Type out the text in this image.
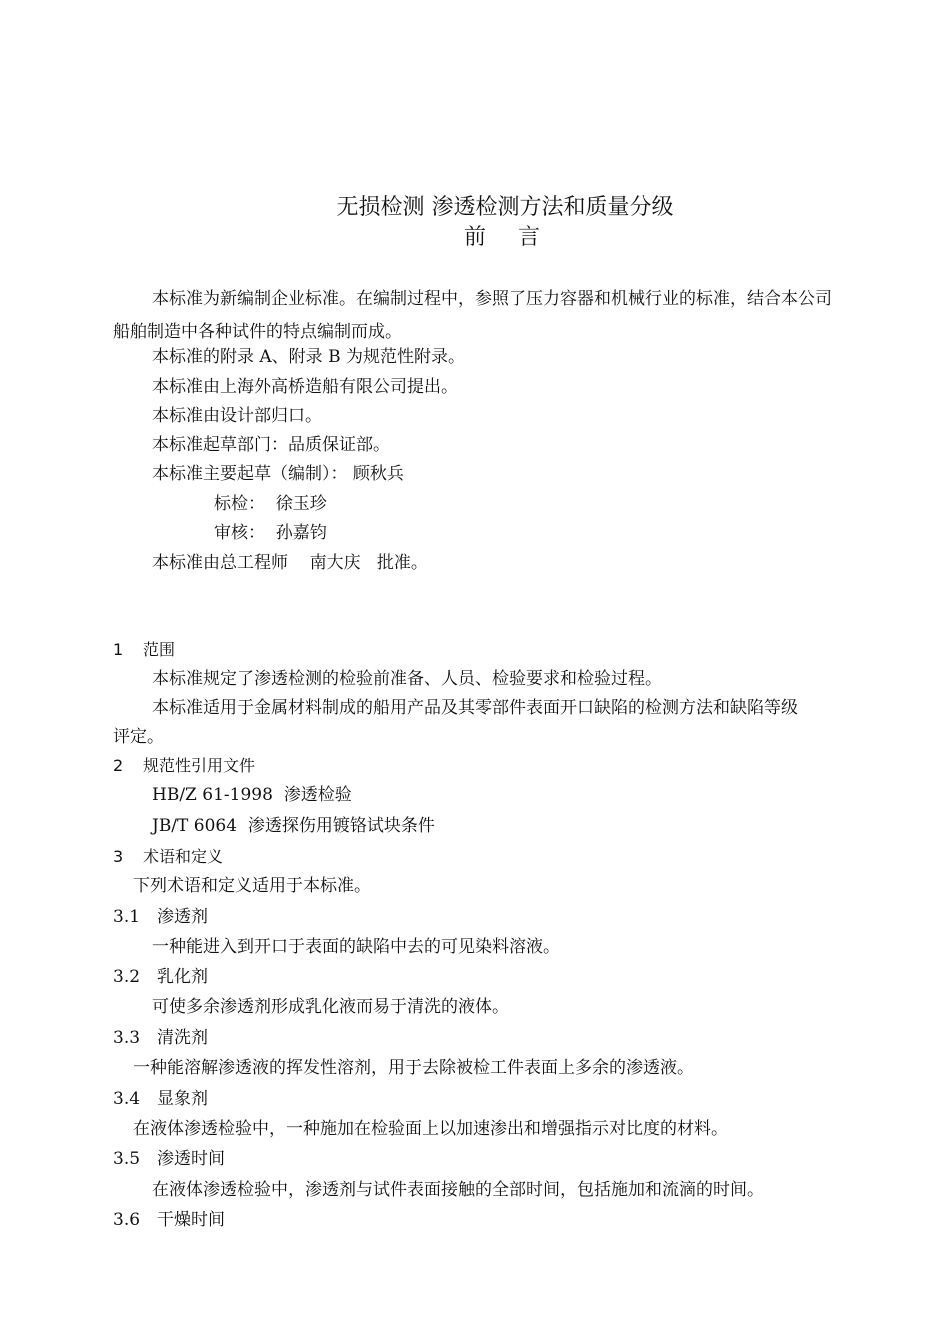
无损检测 渗透检测方法和质量分级
前  言
本标准为新编制企业标准。在编制过程中，参照了压力容器和机械行业的标准，结合本公司
船舶制造中各种试件的特点编制而成。
本标准的附录 A、附录 B 为规范性附录。
本标准由上海外高桥造船有限公司提出。
本标准由设计部归口。
本标准起草部门：品质保证部。
本标准主要起草（编制）： 顾秋兵
标检：  徐玉珍
审核：  孙嘉钧
本标准由总工程师    南大庆   批准。
1 范围
本标准规定了渗透检测的检验前准备、人员、检验要求和检验过程。
本标准适用于金属材料制成的船用产品及其零部件表面开口缺陷的检测方法和缺陷等级
评定。
2 规范性引用文件
HB/Z 61-1998  渗透检验
JB/T 6064  渗透探伤用镀铬试块条件
3 术语和定义
下列术语和定义适用于本标准。
3.1 渗透剂
一种能进入到开口于表面的缺陷中去的可见染料溶液。
3.2 乳化剂
可使多余渗透剂形成乳化液而易于清洗的液体。
3.3 清洗剂
一种能溶解渗透液的挥发性溶剂，用于去除被检工件表面上多余的渗透液。
3.4 显象剂
在液体渗透检验中，一种施加在检验面上以加速渗出和增强指示对比度的材料。
3.5 渗透时间
在液体渗透检验中，渗透剂与试件表面接触的全部时间，包括施加和流滴的时间。
3.6 干燥时间
